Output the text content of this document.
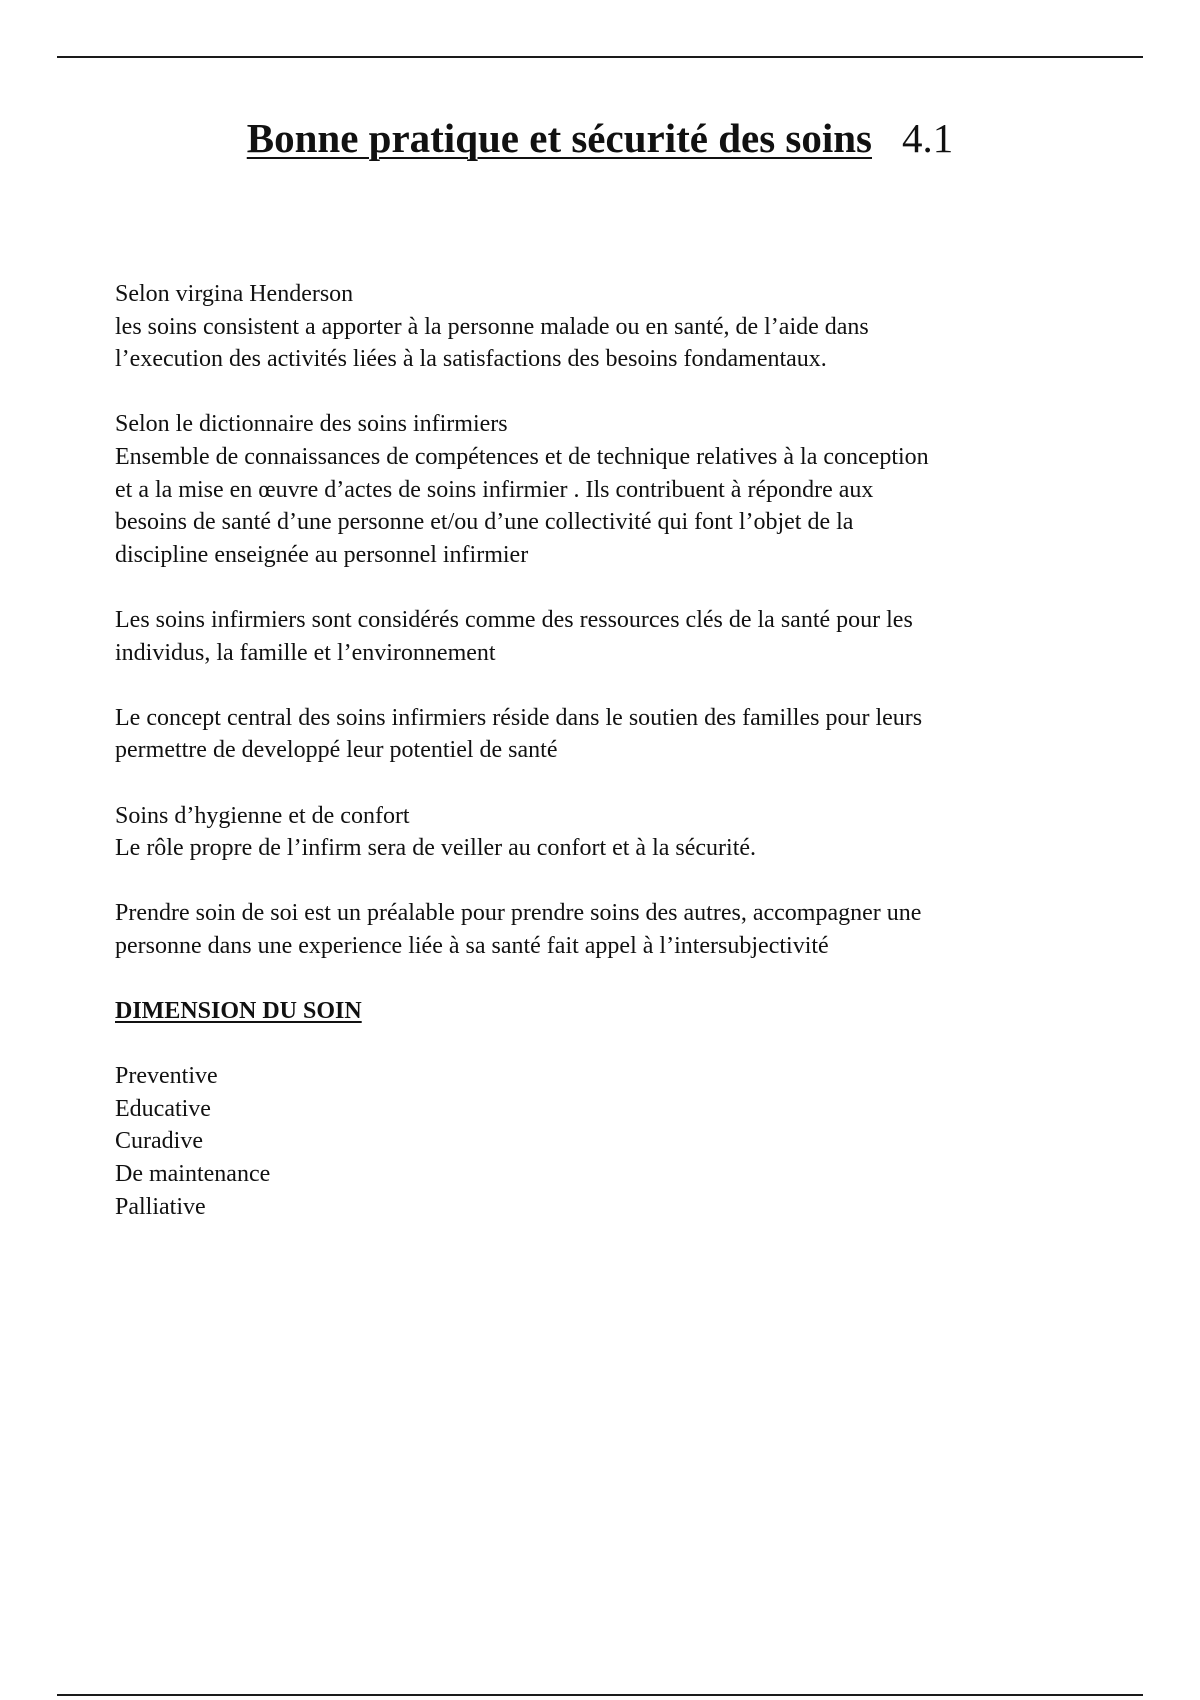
Bonne pratique et sécurité des soins 4.1
Selon virgina Henderson
les soins consistent a apporter à la personne malade ou en santé, de l’aide dans
l’execution des activités liées à la satisfactions des besoins fondamentaux.
Selon le dictionnaire des soins infirmiers
Ensemble de connaissances de compétences et de technique relatives à la conception
et a la mise en œuvre d’actes de soins infirmier . Ils contribuent à répondre aux
besoins de santé d’une personne et/ou d’une collectivité qui font l’objet de la
discipline enseignée au personnel infirmier
Les soins infirmiers sont considérés comme des ressources clés de la santé pour les
individus, la famille et l’environnement
Le concept central des soins infirmiers réside dans le soutien des familles pour leurs
permettre de developpé leur potentiel de santé
Soins d’hygienne et de confort
Le rôle propre de l’infirm sera de veiller au confort et à la sécurité.
Prendre soin de soi est un préalable pour prendre soins des autres, accompagner une
personne dans une experience liée à sa santé fait appel à l’intersubjectivité
DIMENSION DU SOIN
Preventive
Educative
Curadive
De maintenance
Palliative
